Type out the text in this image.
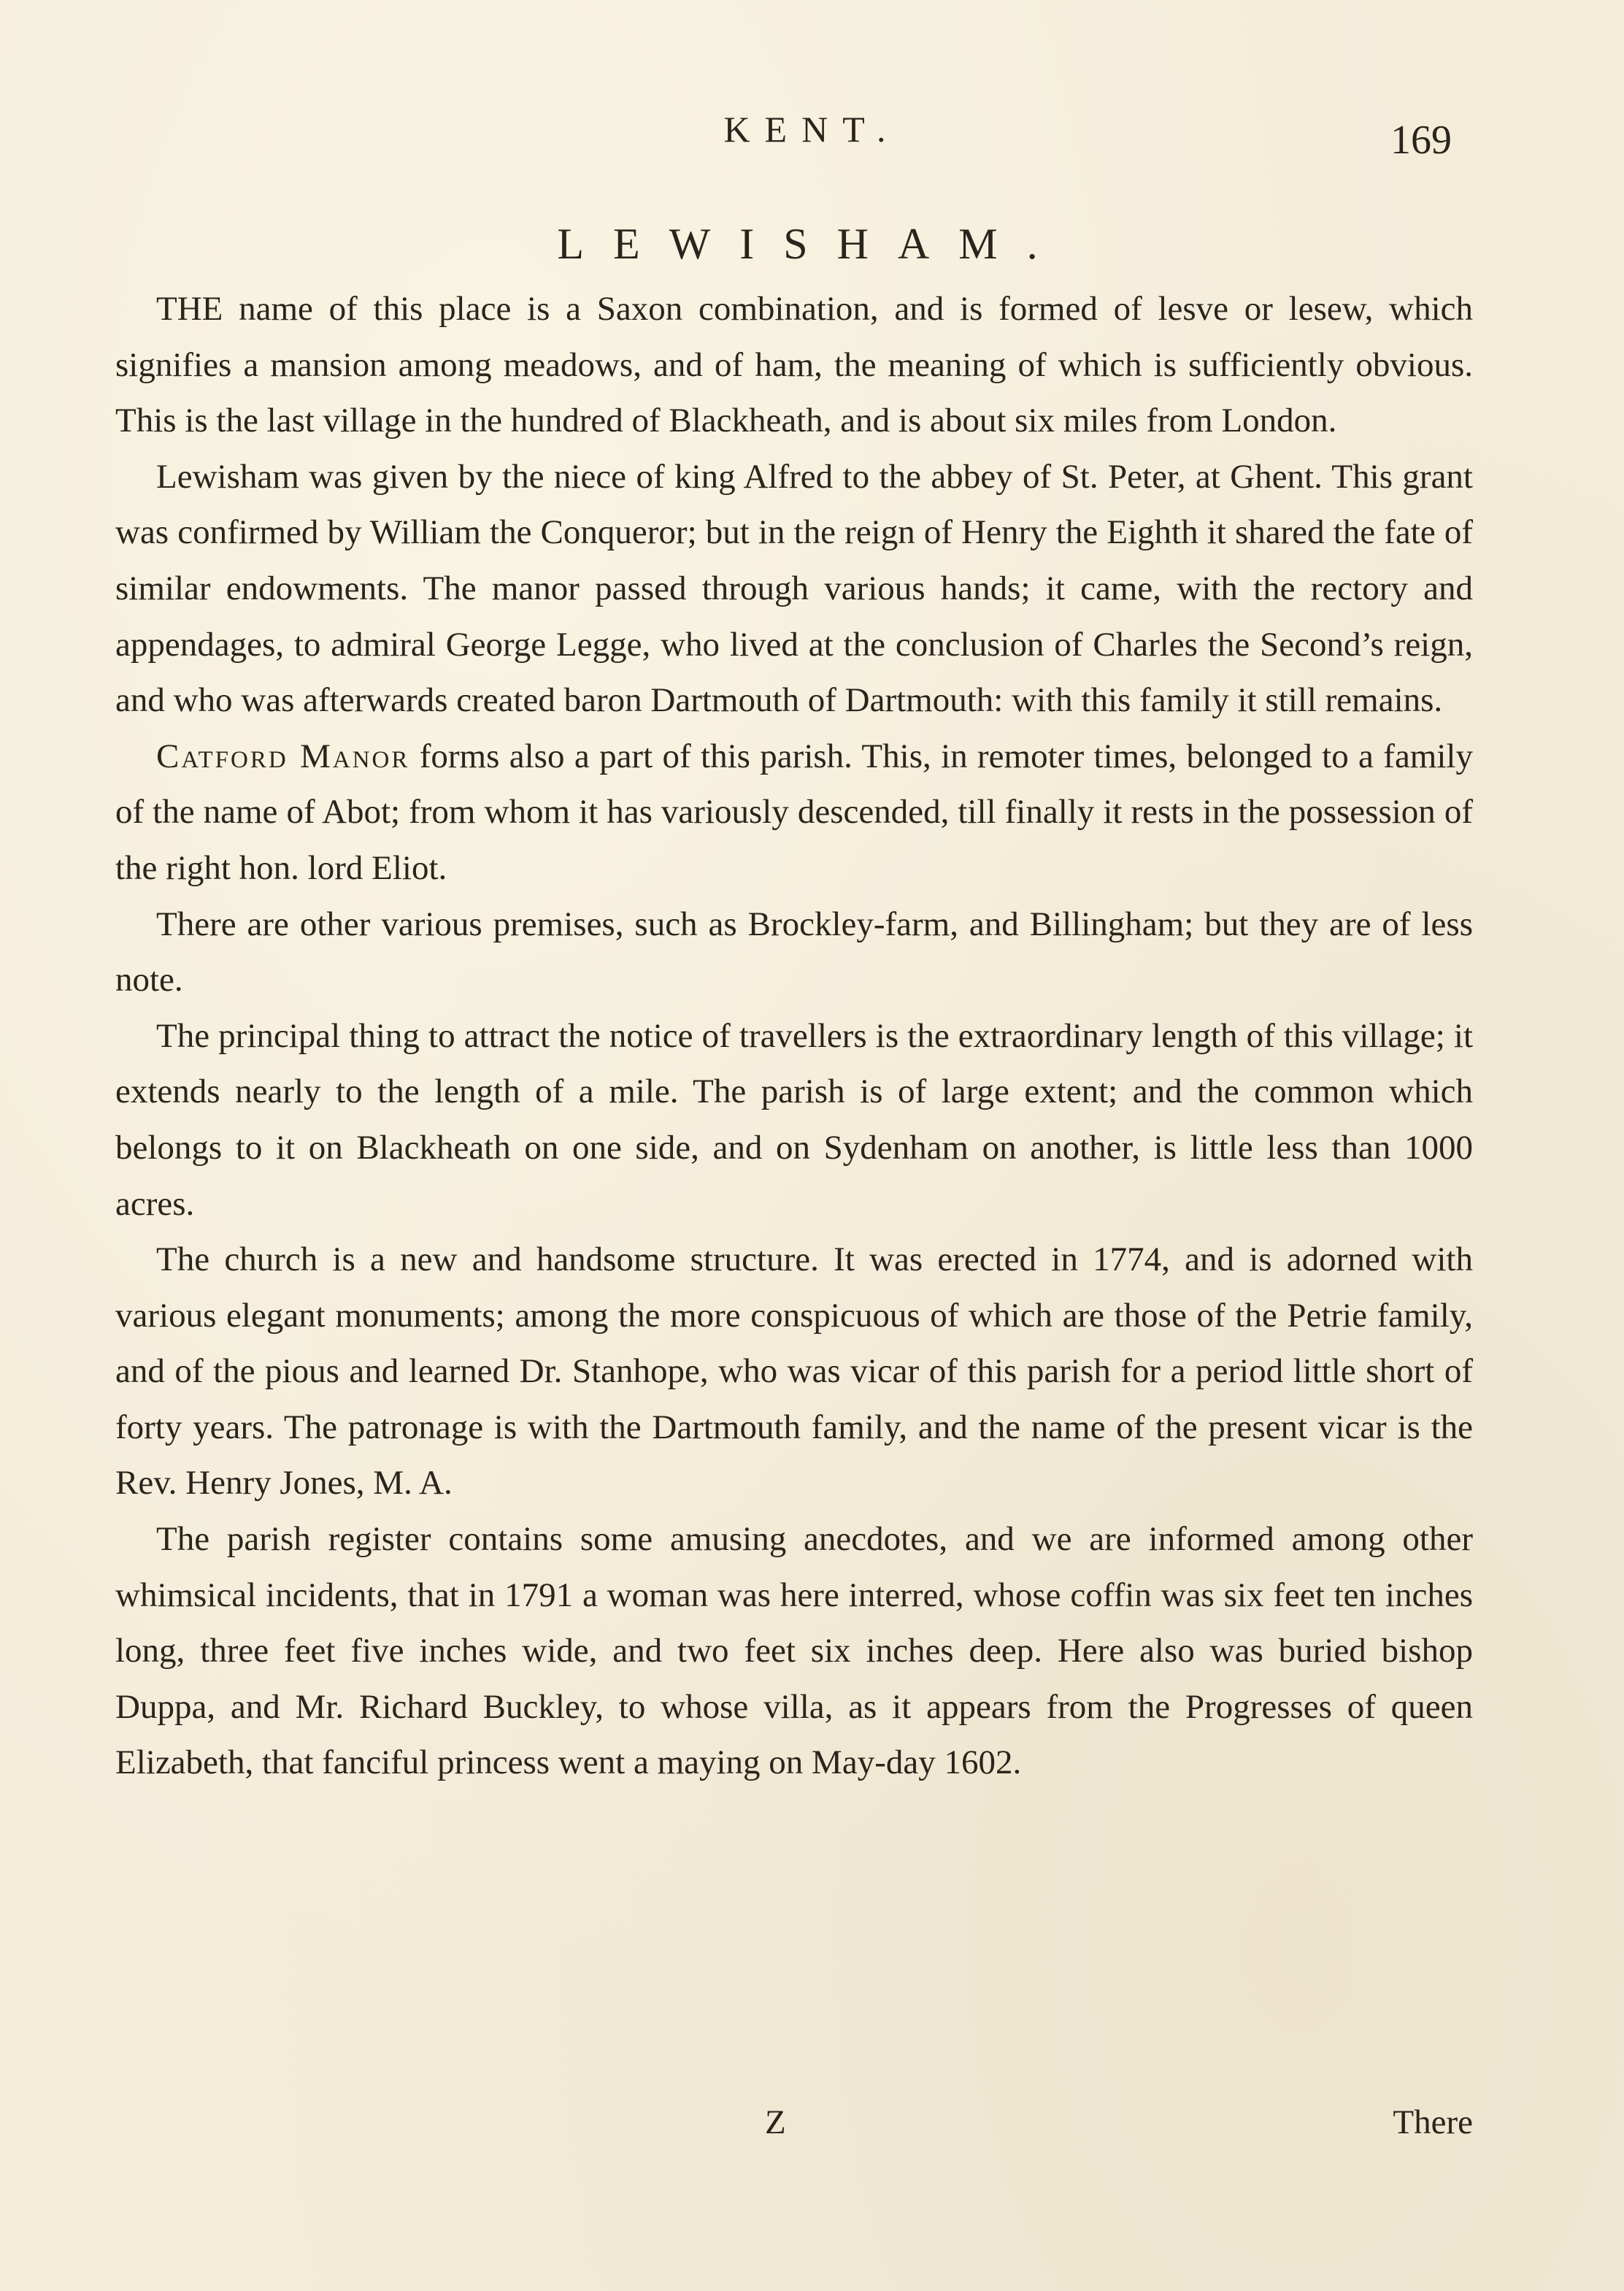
KENT.	169
LEWISHAM.

THE name of this place is a Saxon combination, and is formed of lesve or lesew, which signifies a mansion among meadows, and of ham, the meaning of which is sufficiently obvious. This is the last village in the hundred of Blackheath, and is about six miles from London.

Lewisham was given by the niece of king Alfred to the abbey of St. Peter, at Ghent. This grant was confirmed by William the Conqueror; but in the reign of Henry the Eighth it shared the fate of similar endowments. The manor passed through various hands; it came, with the rectory and appendages, to admiral George Legge, who lived at the conclusion of Charles the Second’s reign, and who was afterwards created baron Dartmouth of Dartmouth: with this family it still remains.

Catford Manor forms also a part of this parish. This, in remoter times, belonged to a family of the name of Abot; from whom it has variously descended, till finally it rests in the possession of the right hon. lord Eliot.

There are other various premises, such as Brockley-farm, and Billingham; but they are of less note.

The principal thing to attract the notice of travellers is the extraordinary length of this village; it extends nearly to the length of a mile. The parish is of large extent; and the common which belongs to it on Blackheath on one side, and on Sydenham on another, is little less than 1000 acres.

The church is a new and handsome structure. It was erected in 1774, and is adorned with various elegant monuments; among the more conspicuous of which are those of the Petrie family, and of the pious and learned Dr. Stanhope, who was vicar of this parish for a period little short of forty years. The patronage is with the Dartmouth family, and the name of the present vicar is the Rev. Henry Jones, M. A.

The parish register contains some amusing anecdotes, and we are informed among other whimsical incidents, that in 1791 a woman was here interred, whose coffin was six feet ten inches long, three feet five inches wide, and two feet six inches deep. Here also was buried bishop Duppa, and Mr. Richard Buckley, to whose villa, as it appears from the Progresses of queen Elizabeth, that fanciful princess went a maying on May-day 1602.

Z	There
